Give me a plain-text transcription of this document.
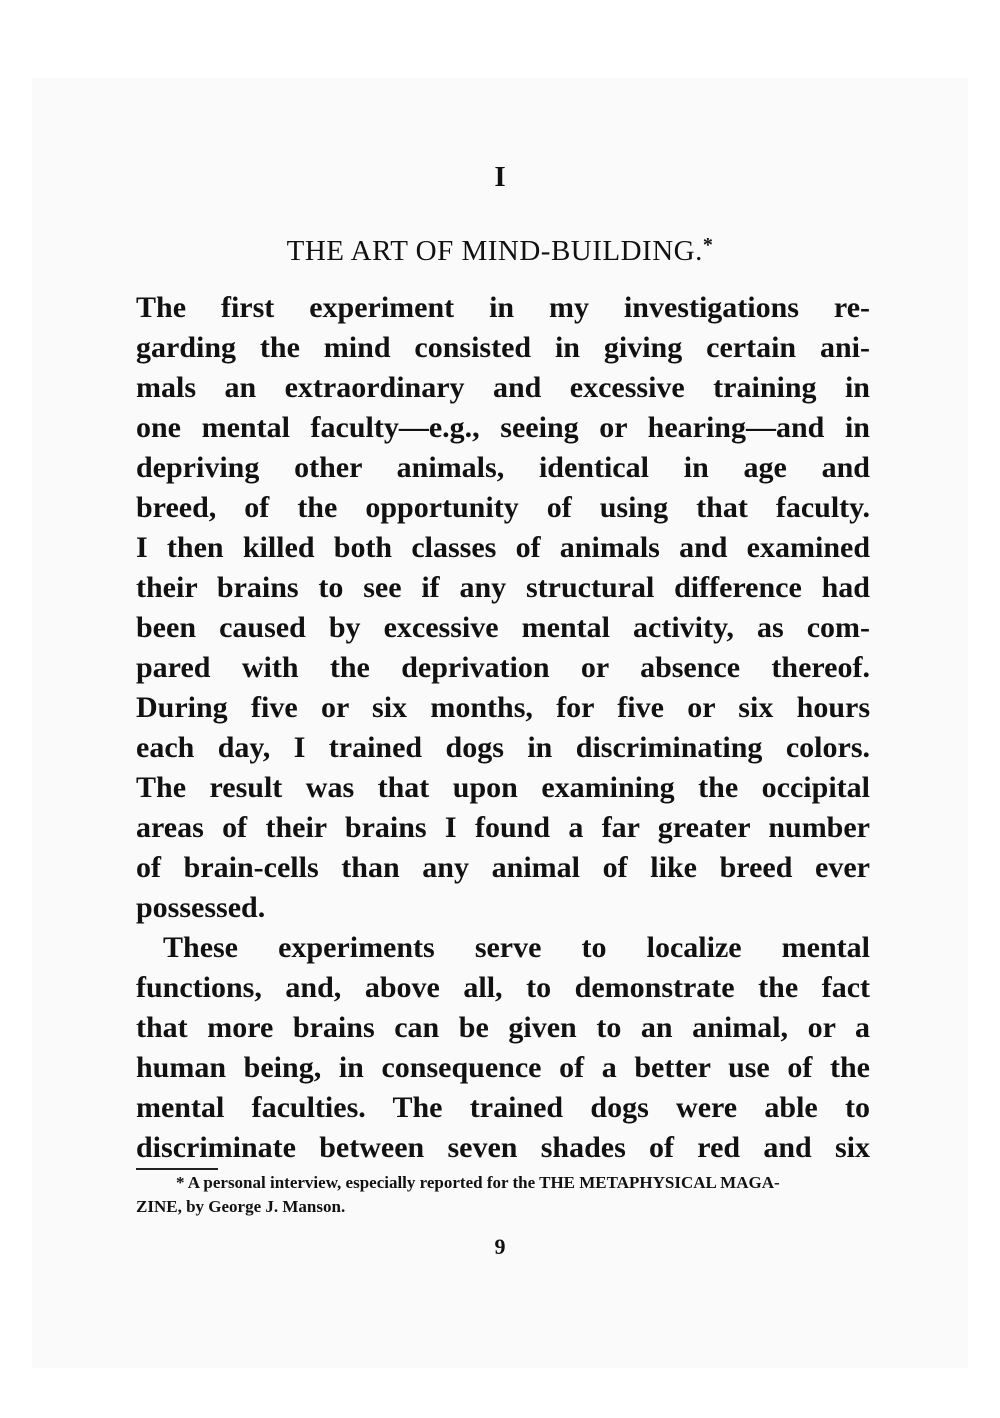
I
THE ART OF MIND-BUILDING.*
The first experiment in my investigations re-
garding the mind consisted in giving certain ani-
mals an extraordinary and excessive training in
one mental faculty—e.g., seeing or hearing—and in
depriving other animals, identical in age and
breed, of the opportunity of using that faculty.
I then killed both classes of animals and examined
their brains to see if any structural difference had
been caused by excessive mental activity, as com-
pared with the deprivation or absence thereof.
During five or six months, for five or six hours
each day, I trained dogs in discriminating colors.
The result was that upon examining the occipital
areas of their brains I found a far greater number
of brain-cells than any animal of like breed ever
possessed.
These experiments serve to localize mental
functions, and, above all, to demonstrate the fact
that more brains can be given to an animal, or a
human being, in consequence of a better use of the
mental faculties. The trained dogs were able to
discriminate between seven shades of red and six
* A personal interview, especially reported for the THE METAPHYSICAL MAGA-
ZINE, by George J. Manson.
9
